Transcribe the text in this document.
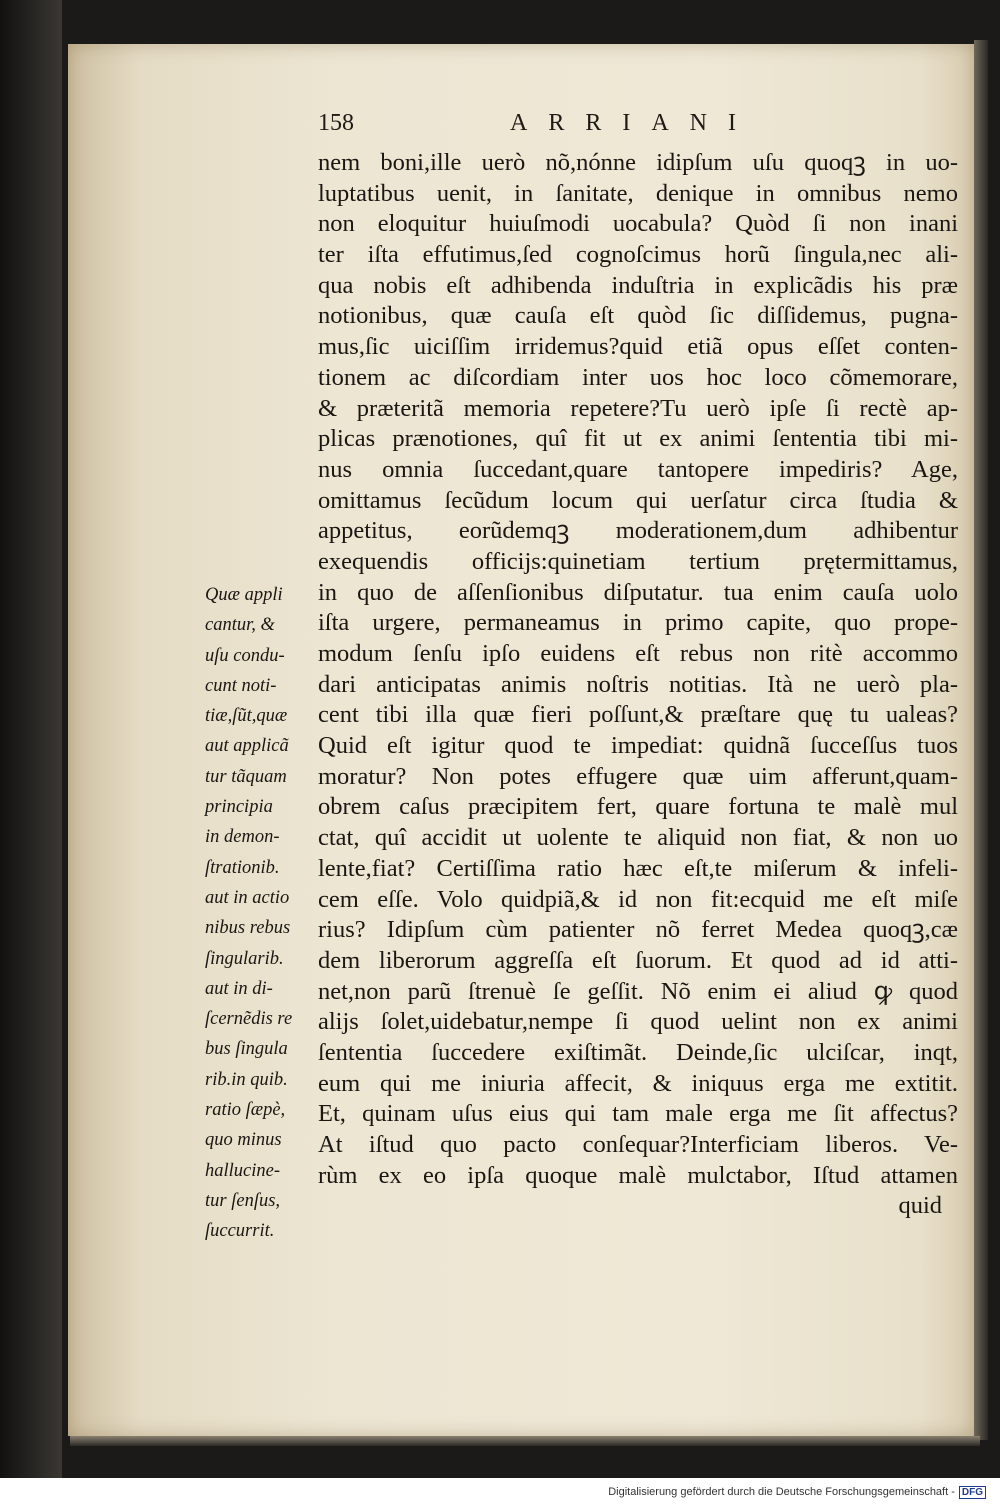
158	ARRIANI
nem boni,ille uerò nõ,nónne idipſum uſu quoqꝫ in uo-
luptatibus uenit, in ſanitate, denique in omnibus nemo
non eloquitur huiuſmodi uocabula? Quòd ſi non inani
ter iſta effutimus,ſed cognoſcimus horũ ſingula,nec ali-
qua nobis eſt adhibenda induſtria in explicãdis his præ
notionibus, quæ cauſa eſt quòd ſic diſſidemus, pugna-
mus,ſic uiciſſim irridemus?quid etiã opus eſſet conten-
tionem ac diſcordiam inter uos hoc loco cõmemorare,
& præteritã memoria repetere?Tu uerò ipſe ſi rectè ap-
plicas prænotiones, quî fit ut ex animi ſententia tibi mi-
nus omnia ſuccedant,quare tantopere impediris? Age,
omittamus ſecũdum locum qui uerſatur circa ſtudia &
appetitus, eorũdemqꝫ moderationem,dum adhibentur
exequendis officijs:quinetiam tertium prętermittamus,
in quo de aſſenſionibus diſputatur. tua enim cauſa uolo
iſta urgere, permaneamus in primo capite, quo prope-
modum ſenſu ipſo euidens eſt rebus non ritè accommo
dari anticipatas animis noſtris notitias. Ità ne uerò pla-
cent tibi illa quæ fieri poſſunt,& præſtare quę tu ualeas?
Quid eſt igitur quod te impediat: quidnã ſucceſſus tuos
moratur? Non potes effugere quæ uim afferunt,quam-
obrem caſus præcipitem fert, quare fortuna te malè mul
ctat, quî accidit ut uolente te aliquid non fiat, & non uo
lente,fiat? Certiſſima ratio hæc eſt,te miſerum & infeli-
cem eſſe. Volo quidpiã,& id non fit:ecquid me eſt miſe
rius? Idipſum cùm patienter nõ ferret Medea quoqꝫ,cæ
dem liberorum aggreſſa eſt ſuorum. Et quod ad id atti-
net,non parũ ſtrenuè ſe geſſit. Nõ enim ei aliud ꝙ quod
alijs ſolet,uidebatur,nempe ſi quod uelint non ex animi
ſententia ſuccedere exiſtimãt. Deinde,ſic ulciſcar, inqt,
eum qui me iniuria affecit, & iniquus erga me extitit.
Et, quinam uſus eius qui tam male erga me ſit affectus?
At iſtud quo pacto conſequar?Interficiam liberos. Ve-
rùm ex eo ipſa quoque malè mulctabor, Iſtud attamen
quid
Quæ appli
cantur, &
uſu condu-
cunt noti-
tiæ,ſũt,quæ
aut applicã
tur tãquam
principia
in demon-
ſtrationib.
aut in actio
nibus rebus
ſingularib.
aut in di-
ſcernẽdis re
bus ſingula
rib.in quib.
ratio ſæpè,
quo minus
hallucine-
tur ſenſus,
ſuccurrit.
Digitalisierung gefördert durch die Deutsche Forschungsgemeinschaft - DFG
